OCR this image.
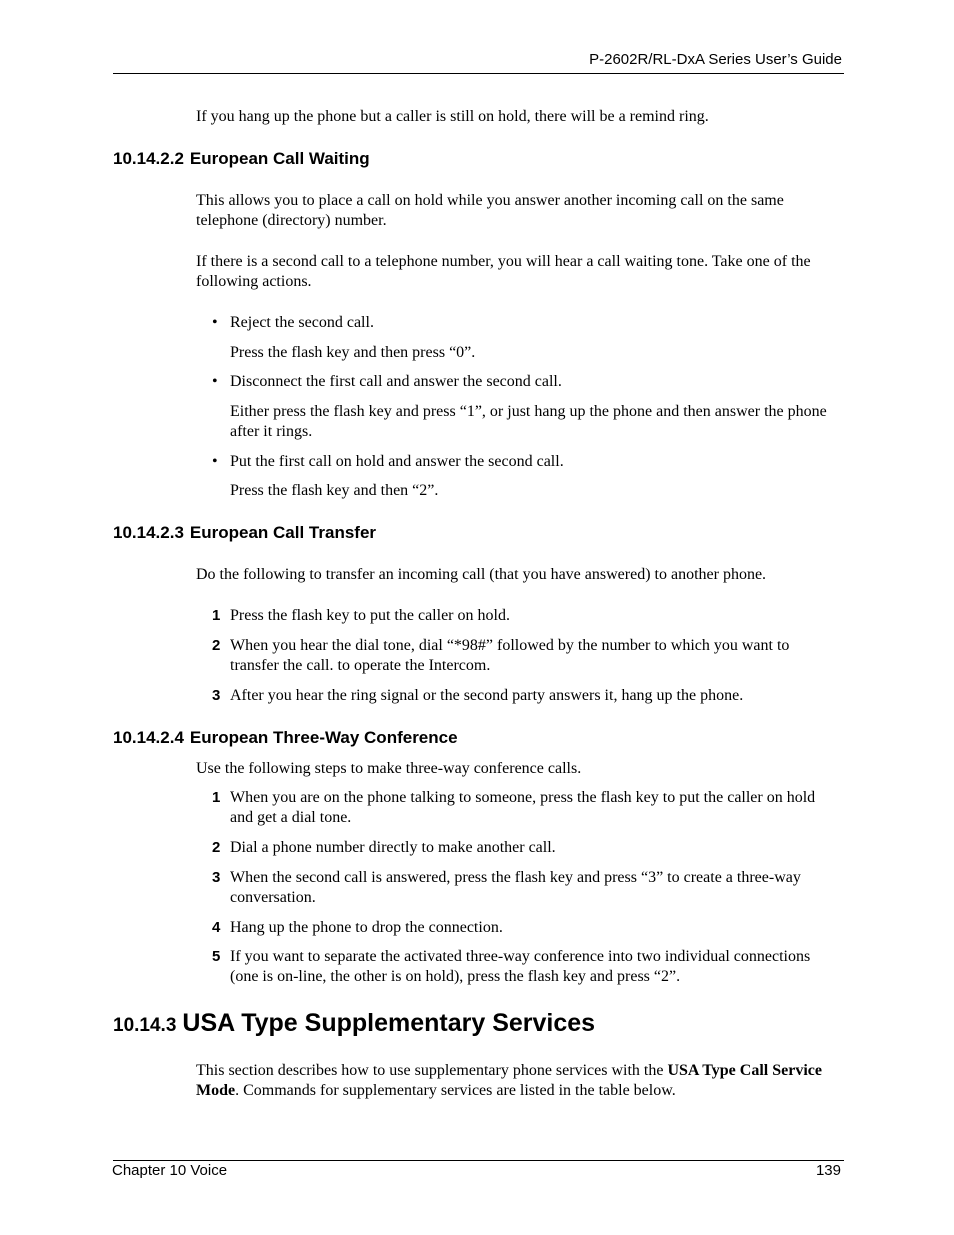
P-2602R/RL-DxA Series User’s Guide
If you hang up the phone but a caller is still on hold, there will be a remind ring.
10.14.2.2 European Call Waiting
This allows you to place a call on hold while you answer another incoming call on the same telephone (directory) number.
If there is a second call to a telephone number, you will hear a call waiting tone. Take one of the following actions.
• Reject the second call.
Press the flash key and then press “0”.
• Disconnect the first call and answer the second call.
Either press the flash key and press “1”, or just hang up the phone and then answer the phone after it rings.
• Put the first call on hold and answer the second call.
Press the flash key and then “2”.
10.14.2.3 European Call Transfer
Do the following to transfer an incoming call (that you have answered) to another phone.
1 Press the flash key to put the caller on hold.
2 When you hear the dial tone, dial “*98#” followed by the number to which you want to transfer the call. to operate the Intercom.
3 After you hear the ring signal or the second party answers it, hang up the phone.
10.14.2.4 European Three-Way Conference
Use the following steps to make three-way conference calls.
1 When you are on the phone talking to someone, press the flash key to put the caller on hold and get a dial tone.
2 Dial a phone number directly to make another call.
3 When the second call is answered, press the flash key and press “3” to create a three-way conversation.
4 Hang up the phone to drop the connection.
5 If you want to separate the activated three-way conference into two individual connections (one is on-line, the other is on hold), press the flash key and press “2”.
10.14.3 USA Type Supplementary Services
This section describes how to use supplementary phone services with the USA Type Call Service Mode. Commands for supplementary services are listed in the table below.
Chapter 10 Voice	139
